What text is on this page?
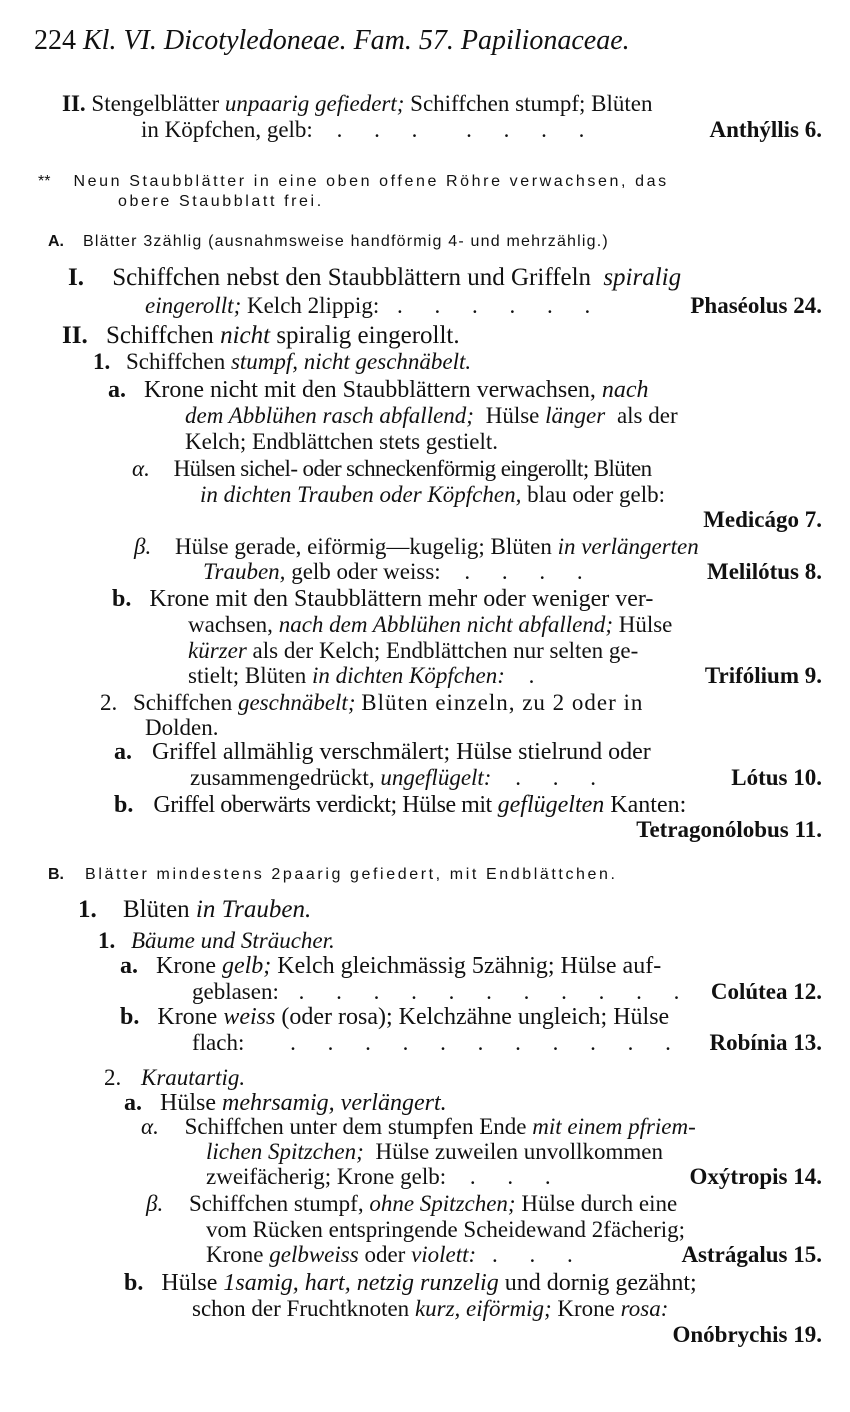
224 Kl. VI. Dicotyledoneae. Fam. 57. Papilionaceae.
II. Stengelblätter unpaarig gefiedert; Schiffchen stumpf; Blüten
in Köpfchen, gelb: . . . . . . .	Anthýllis 6.
** Neun Staubblätter in eine oben offene Röhre verwachsen, das
obere Staubblatt frei.
A. Blätter 3zählig (ausnahmsweise handförmig 4- und mehrzählig.)
I. Schiffchen nebst den Staubblättern und Griffeln spiralig
eingerollt; Kelch 2lippig: . . . . . .	Phaséolus 24.
II. Schiffchen nicht spiralig eingerollt.
1. Schiffchen stumpf, nicht geschnäbelt.
a. Krone nicht mit den Staubblättern verwachsen, nach
dem Abblühen rasch abfallend; Hülse länger als der
Kelch; Endblättchen stets gestielt.
α. Hülsen sichel- oder schneckenförmig eingerollt; Blüten
in dichten Trauben oder Köpfchen, blau oder gelb:
Medicágo 7.
β. Hülse gerade, eiförmig—kugelig; Blüten in verlängerten
Trauben, gelb oder weiss: . . . .	Melilótus 8.
b. Krone mit den Staubblättern mehr oder weniger ver-
wachsen, nach dem Abblühen nicht abfallend; Hülse
kürzer als der Kelch; Endblättchen nur selten ge-
stielt; Blüten in dichten Köpfchen: .	Trifólium 9.
2. Schiffchen geschnäbelt; Blüten einzeln, zu 2 oder in
Dolden.
a. Griffel allmählig verschmälert; Hülse stielrund oder
zusammengedrückt, ungeflügelt: . . .	Lótus 10.
b. Griffel oberwärts verdickt; Hülse mit geflügelten Kanten:
Tetragonólobus 11.
B. Blätter mindestens 2paarig gefiedert, mit Endblättchen.
1. Blüten in Trauben.
1. Bäume und Sträucher.
a. Krone gelb; Kelch gleichmässig 5zähnig; Hülse auf-
geblasen: . . . . . . . . . . . Colútea 12.
b. Krone weiss (oder rosa); Kelchzähne ungleich; Hülse
flach: . . . . . . . . . . . Robínia 13.
2. Krautartig.
a. Hülse mehrsamig, verlängert.
α. Schiffchen unter dem stumpfen Ende mit einem pfriem-
lichen Spitzchen; Hülse zuweilen unvollkommen
zweifächerig; Krone gelb: . . .	Oxýtropis 14.
β. Schiffchen stumpf, ohne Spitzchen; Hülse durch eine
vom Rücken entspringende Scheidewand 2fächerig;
Krone gelbweiss oder violett: . . .	Astrágalus 15.
b. Hülse 1samig, hart, netzig runzelig und dornig gezähnt;
schon der Fruchtknoten kurz, eiförmig; Krone rosa:
Onóbrychis 19.
